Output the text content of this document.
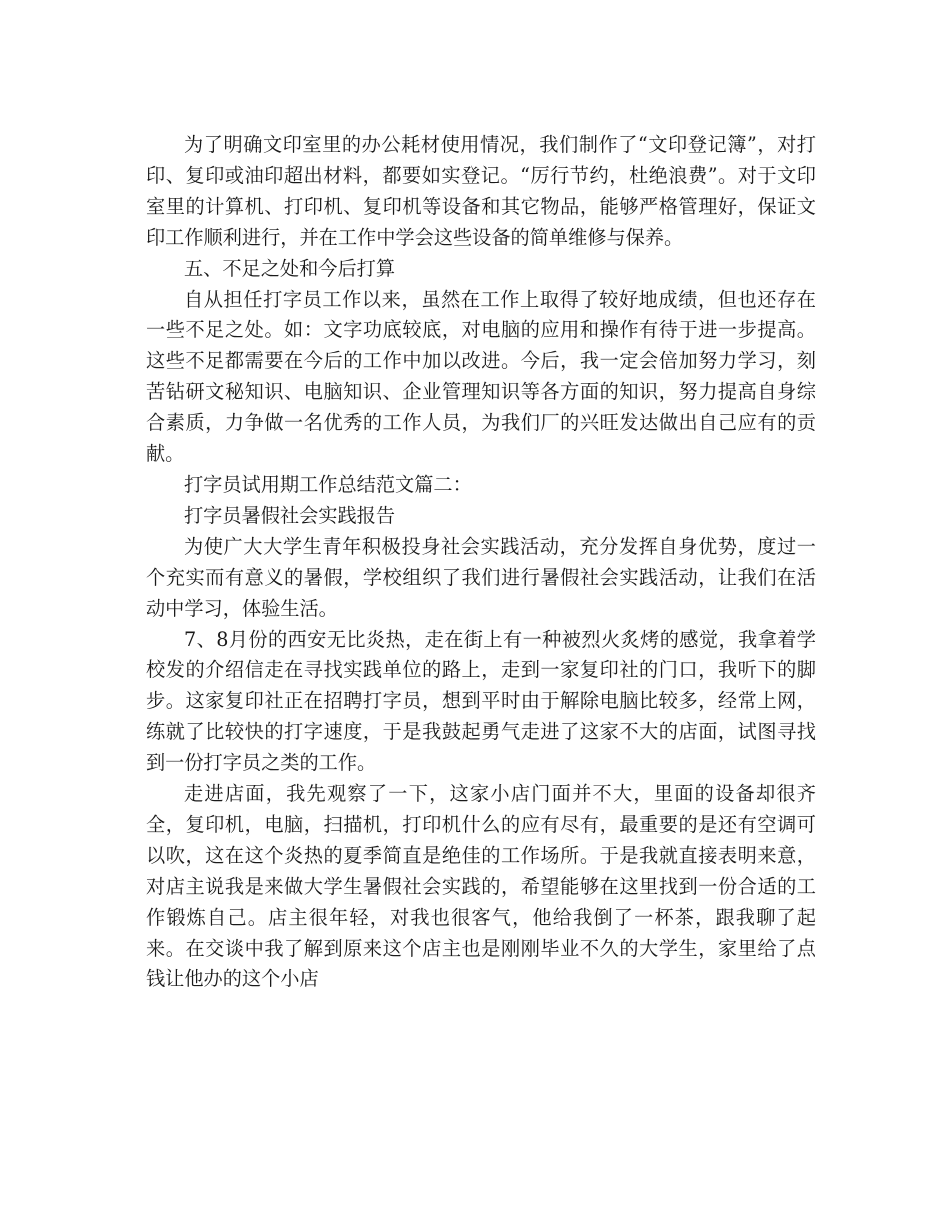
为了明确文印室里的办公耗材使用情况，我们制作了“文印登记簿”，对打印、复印或油印超出材料，都要如实登记。“厉行节约，杜绝浪费”。对于文印室里的计算机、打印机、复印机等设备和其它物品，能够严格管理好，保证文印工作顺利进行，并在工作中学会这些设备的简单维修与保养。

五、不足之处和今后打算

自从担任打字员工作以来，虽然在工作上取得了较好地成绩，但也还存在一些不足之处。如：文字功底较底，对电脑的应用和操作有待于进一步提高。这些不足都需要在今后的工作中加以改进。今后，我一定会倍加努力学习，刻苦钻研文秘知识、电脑知识、企业管理知识等各方面的知识，努力提高自身综合素质，力争做一名优秀的工作人员，为我们厂的兴旺发达做出自己应有的贡献。

打字员试用期工作总结范文篇二：

打字员暑假社会实践报告

为使广大大学生青年积极投身社会实践活动，充分发挥自身优势，度过一个充实而有意义的暑假，学校组织了我们进行暑假社会实践活动，让我们在活动中学习，体验生活。

7、8月份的西安无比炎热，走在街上有一种被烈火炙烤的感觉，我拿着学校发的介绍信走在寻找实践单位的路上，走到一家复印社的门口，我听下的脚步。这家复印社正在招聘打字员，想到平时由于解除电脑比较多，经常上网，练就了比较快的打字速度，于是我鼓起勇气走进了这家不大的店面，试图寻找到一份打字员之类的工作。

走进店面，我先观察了一下，这家小店门面并不大，里面的设备却很齐全，复印机，电脑，扫描机，打印机什么的应有尽有，最重要的是还有空调可以吹，这在这个炎热的夏季简直是绝佳的工作场所。于是我就直接表明来意，对店主说我是来做大学生暑假社会实践的，希望能够在这里找到一份合适的工作锻炼自己。店主很年轻，对我也很客气，他给我倒了一杯茶，跟我聊了起来。在交谈中我了解到原来这个店主也是刚刚毕业不久的大学生，家里给了点钱让他办的这个小店
